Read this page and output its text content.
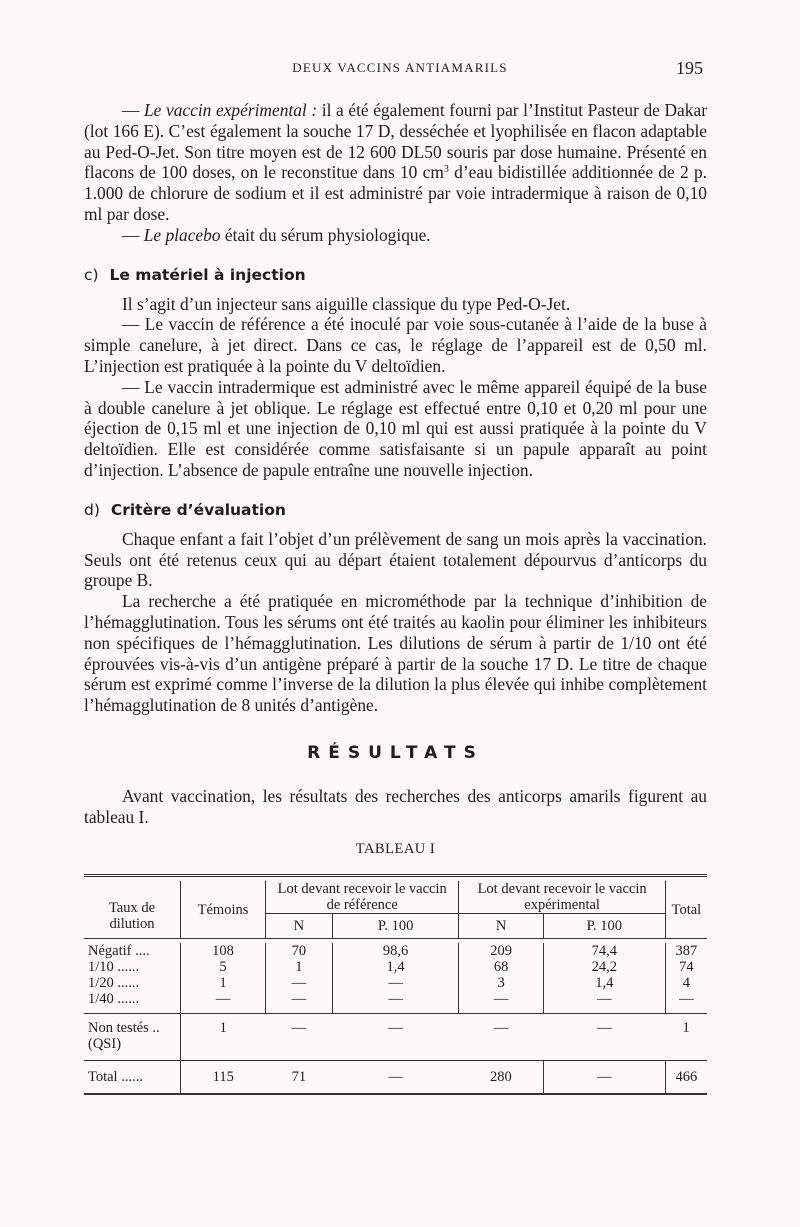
DEUX VACCINS ANTIAMARILS	195

— Le vaccin expérimental : il a été également fourni par l’Institut Pasteur de Dakar (lot 166 E). C’est également la souche 17 D, desséchée et lyophilisée en flacon adaptable au Ped-O-Jet. Son titre moyen est de 12 600 DL50 souris par dose humaine. Présenté en flacons de 100 doses, on le reconstitue dans 10 $cm^3$ d’eau bidistillée additionnée de 2 p. 1.000 de chlorure de sodium et il est administré par voie intradermique à raison de 0,10 ml par dose.

— Le placebo était du sérum physiologique.

c) Le matériel à injection

Il s’agit d’un injecteur sans aiguille classique du type Ped-O-Jet.

— Le vaccin de référence a été inoculé par voie sous-cutanée à l’aide de la buse à simple canelure, à jet direct. Dans ce cas, le réglage de l’appareil est de 0,50 ml. L’injection est pratiquée à la pointe du V deltoïdien.

— Le vaccin intradermique est administré avec le même appareil équipé de la buse à double canelure à jet oblique. Le réglage est effectué entre 0,10 et 0,20 ml pour une éjection de 0,15 ml et une injection de 0,10 ml qui est aussi pratiquée à la pointe du V deltoïdien. Elle est considérée comme satisfaisante si un papule apparaît au point d’injection. L’absence de papule entraîne une nouvelle injection.

d) Critère d’évaluation

Chaque enfant a fait l’objet d’un prélèvement de sang un mois après la vaccination. Seuls ont été retenus ceux qui au départ étaient totalement dépourvus d’anticorps du groupe B.

La recherche a été pratiquée en microméthode par la technique d’inhibition de l’hémagglutination. Tous les sérums ont été traités au kaolin pour éliminer les inhibiteurs non spécifiques de l’hémagglutination. Les dilutions de sérum à partir de 1/10 ont été éprouvées vis-à-vis d’un antigène préparé à partir de la souche 17 D. Le titre de chaque sérum est exprimé comme l’inverse de la dilution la plus élevée qui inhibe complètement l’hémagglutination de 8 unités d’antigène.

RÉSULTATS

Avant vaccination, les résultats des recherches des anticorps amarils figurent au tableau I.

TABLEAU I

Taux de dilution	Témoins	Lot devant recevoir le vaccin de référence		Lot devant recevoir le vaccin expérimental		Total
		N	P. 100	N	P. 100	

Négatif ....	108	70	98,6	209	74,4	387
1/10 ......	5	1	1,4	68	24,2	74
1/20 ......	1	—	—	3	1,4	4
1/40 ......	—	—	—	—	—	—
Non testés .. (QSI)	1	—	—	—	—	1
Total ......	115	71	—	280	—	466
